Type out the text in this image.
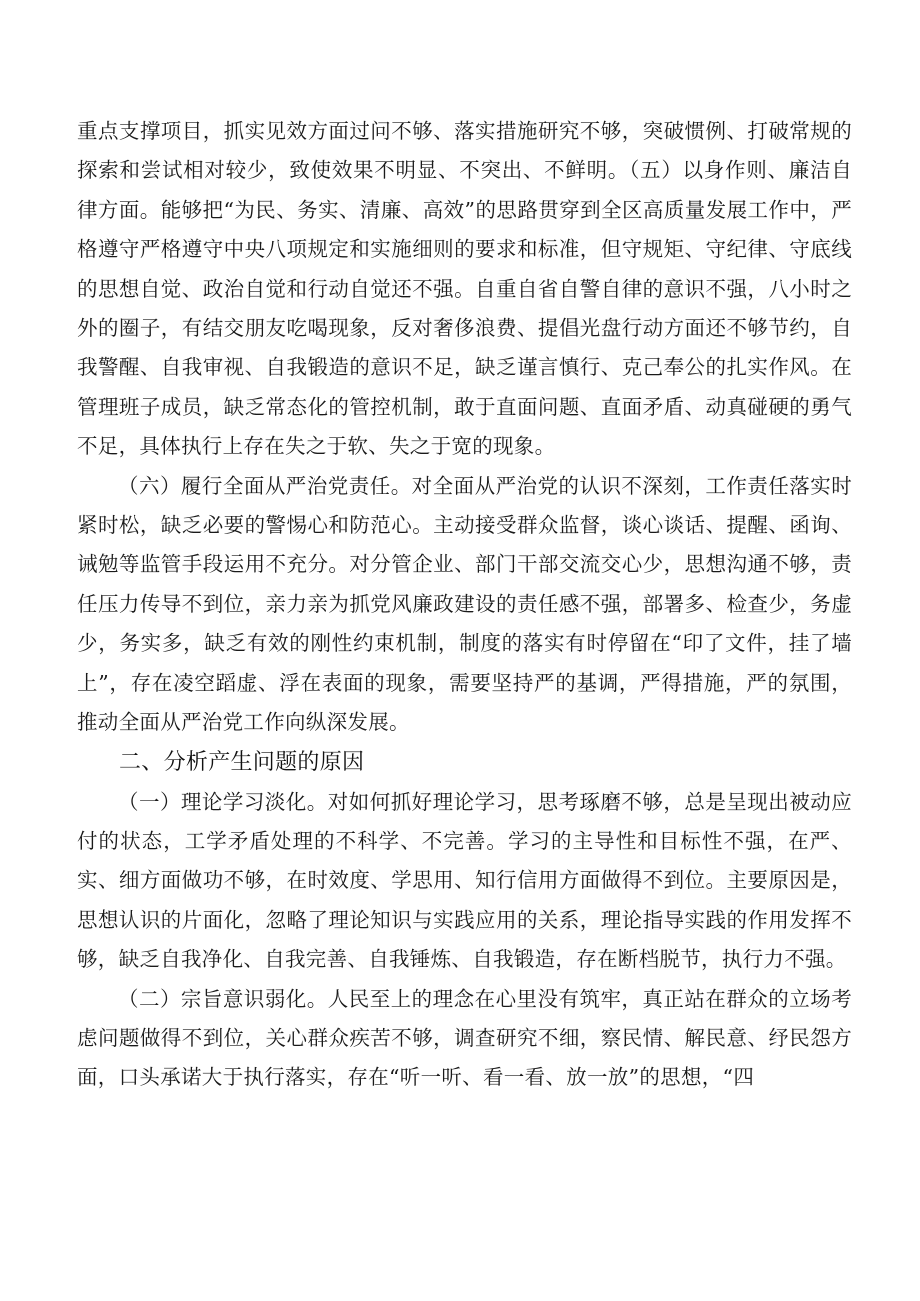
重点支撑项目，抓实见效方面过问不够、落实措施研究不够，突破惯例、打破常规的探索和尝试相对较少，致使效果不明显、不突出、不鲜明。（五）以身作则、廉洁自律方面。能够把“为民、务实、清廉、高效”的思路贯穿到全区高质量发展工作中，严格遵守严格遵守中央八项规定和实施细则的要求和标准，但守规矩、守纪律、守底线的思想自觉、政治自觉和行动自觉还不强。自重自省自警自律的意识不强，八小时之外的圈子，有结交朋友吃喝现象，反对奢侈浪费、提倡光盘行动方面还不够节约，自我警醒、自我审视、自我锻造的意识不足，缺乏谨言慎行、克己奉公的扎实作风。在管理班子成员，缺乏常态化的管控机制，敢于直面问题、直面矛盾、动真碰硬的勇气不足，具体执行上存在失之于软、失之于宽的现象。

（六）履行全面从严治党责任。对全面从严治党的认识不深刻，工作责任落实时紧时松，缺乏必要的警惕心和防范心。主动接受群众监督，谈心谈话、提醒、函询、诫勉等监管手段运用不充分。对分管企业、部门干部交流交心少，思想沟通不够，责任压力传导不到位，亲力亲为抓党风廉政建设的责任感不强，部署多、检查少，务虚少，务实多，缺乏有效的刚性约束机制，制度的落实有时停留在“印了文件，挂了墙上”，存在凌空蹈虚、浮在表面的现象，需要坚持严的基调，严得措施，严的氛围，推动全面从严治党工作向纵深发展。

二、分析产生问题的原因

（一）理论学习淡化。对如何抓好理论学习，思考琢磨不够，总是呈现出被动应付的状态，工学矛盾处理的不科学、不完善。学习的主导性和目标性不强，在严、实、细方面做功不够，在时效度、学思用、知行信用方面做得不到位。主要原因是，思想认识的片面化，忽略了理论知识与实践应用的关系，理论指导实践的作用发挥不够，缺乏自我净化、自我完善、自我锤炼、自我锻造，存在断档脱节，执行力不强。

（二）宗旨意识弱化。人民至上的理念在心里没有筑牢，真正站在群众的立场考虑问题做得不到位，关心群众疾苦不够，调查研究不细，察民情、解民意、纾民怨方面，口头承诺大于执行落实，存在“听一听、看一看、放一放”的思想，“四
